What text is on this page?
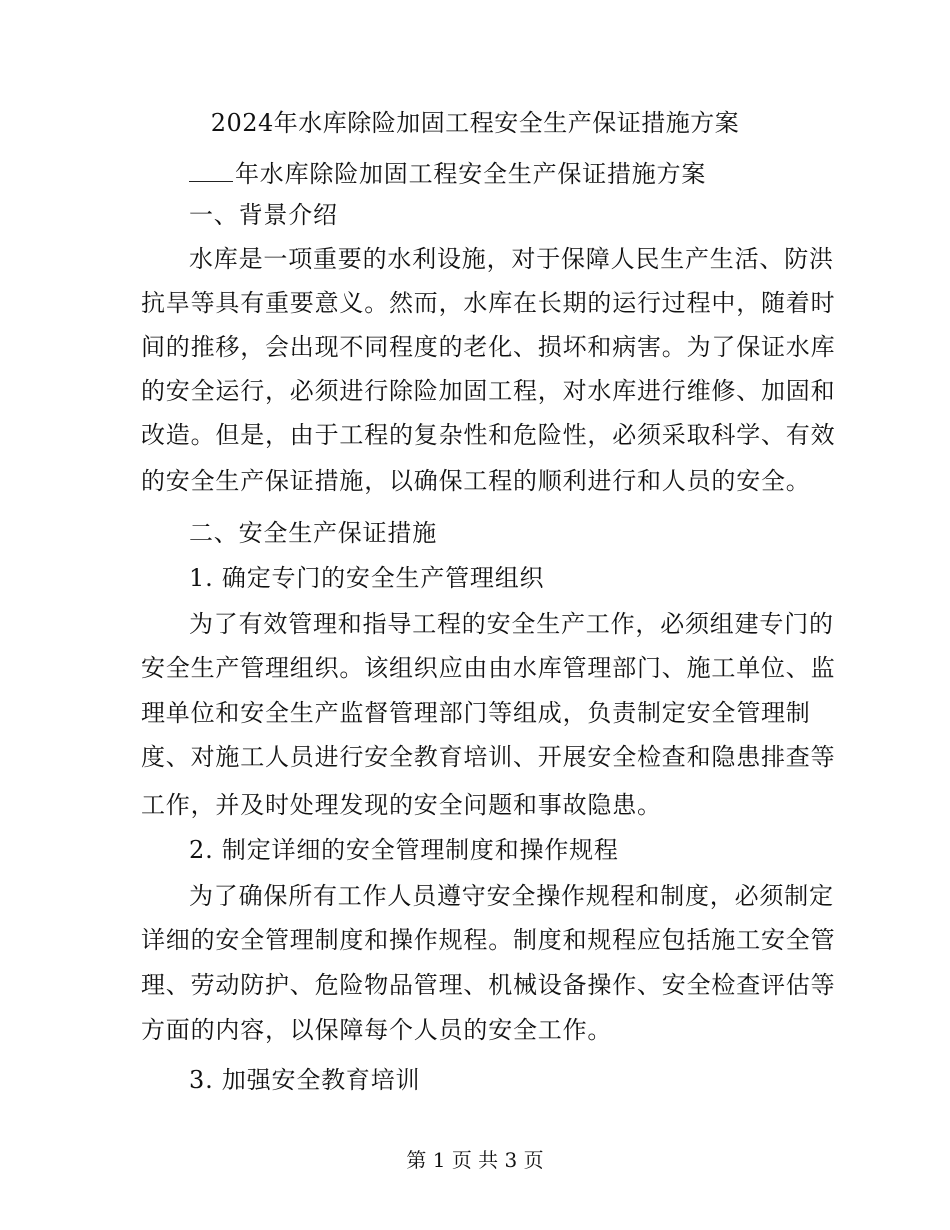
2024年水库除险加固工程安全生产保证措施方案
年水库除险加固工程安全生产保证措施方案
一、背景介绍
水库是一项重要的水利设施，对于保障人民生产生活、防洪
抗旱等具有重要意义。然而，水库在长期的运行过程中，随着时
间的推移，会出现不同程度的老化、损坏和病害。为了保证水库
的安全运行，必须进行除险加固工程，对水库进行维修、加固和
改造。但是，由于工程的复杂性和危险性，必须采取科学、有效
的安全生产保证措施，以确保工程的顺利进行和人员的安全。
二、安全生产保证措施
1. 确定专门的安全生产管理组织
为了有效管理和指导工程的安全生产工作，必须组建专门的
安全生产管理组织。该组织应由由水库管理部门、施工单位、监
理单位和安全生产监督管理部门等组成，负责制定安全管理制
度、对施工人员进行安全教育培训、开展安全检查和隐患排查等
工作，并及时处理发现的安全问题和事故隐患。
2. 制定详细的安全管理制度和操作规程
为了确保所有工作人员遵守安全操作规程和制度，必须制定
详细的安全管理制度和操作规程。制度和规程应包括施工安全管
理、劳动防护、危险物品管理、机械设备操作、安全检查评估等
方面的内容，以保障每个人员的安全工作。
3. 加强安全教育培训
第 1 页 共 3 页
